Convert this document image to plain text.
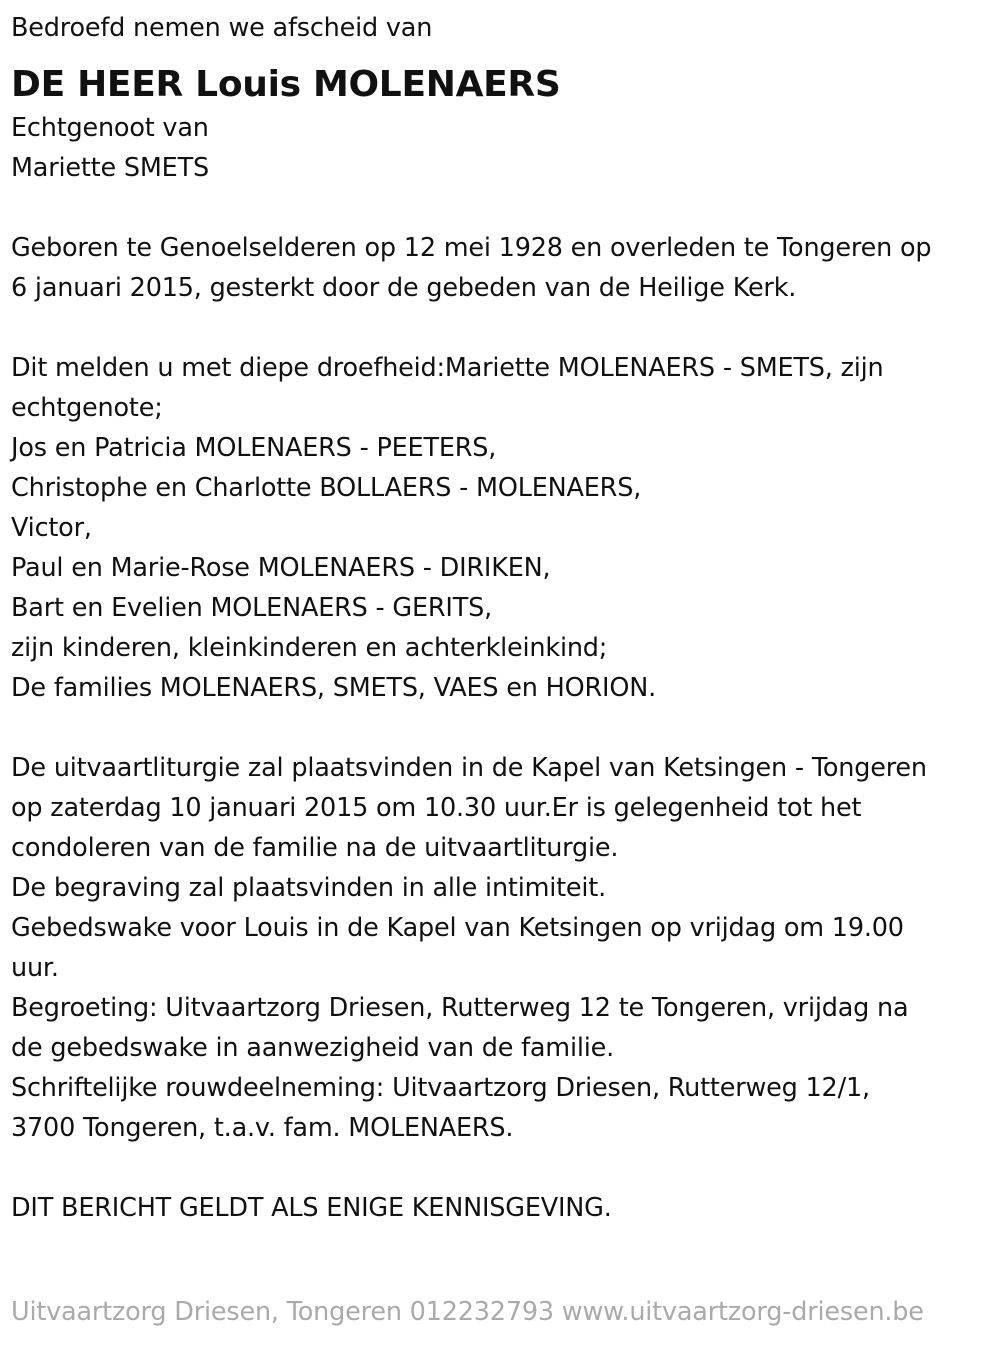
Bedroefd nemen we afscheid van
DE HEER Louis MOLENAERS
Echtgenoot van
Mariette SMETS
Geboren te Genoelselderen op 12 mei 1928 en overleden te Tongeren op
6 januari 2015, gesterkt door de gebeden van de Heilige Kerk.
Dit melden u met diepe droefheid:Mariette MOLENAERS - SMETS, zijn
echtgenote;
Jos en Patricia MOLENAERS - PEETERS,
Christophe en Charlotte BOLLAERS - MOLENAERS,
Victor,
Paul en Marie-Rose MOLENAERS - DIRIKEN,
Bart en Evelien MOLENAERS - GERITS,
zijn kinderen, kleinkinderen en achterkleinkind;
De families MOLENAERS, SMETS, VAES en HORION.
De uitvaartliturgie zal plaatsvinden in de Kapel van Ketsingen - Tongeren
op zaterdag 10 januari 2015 om 10.30 uur.Er is gelegenheid tot het
condoleren van de familie na de uitvaartliturgie.
De begraving zal plaatsvinden in alle intimiteit.
Gebedswake voor Louis in de Kapel van Ketsingen op vrijdag om 19.00
uur.
Begroeting: Uitvaartzorg Driesen, Rutterweg 12 te Tongeren, vrijdag na
de gebedswake in aanwezigheid van de familie.
Schriftelijke rouwdeelneming: Uitvaartzorg Driesen, Rutterweg 12/1,
3700 Tongeren, t.a.v. fam. MOLENAERS.
DIT BERICHT GELDT ALS ENIGE KENNISGEVING.
Uitvaartzorg Driesen, Tongeren 012232793 www.uitvaartzorg-driesen.be
